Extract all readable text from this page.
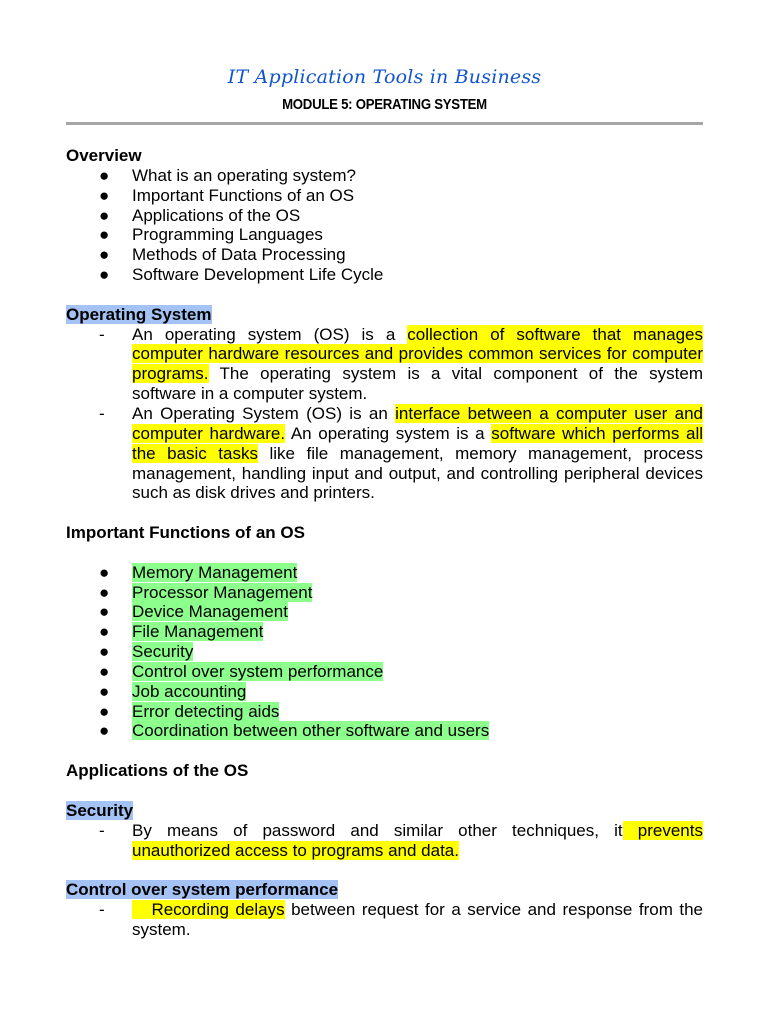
IT Application Tools in Business
MODULE 5: OPERATING SYSTEM

Overview

● What is an operating system?
● Important Functions of an OS
● Applications of the OS
● Programming Languages
● Methods of Data Processing
● Software Development Life Cycle

Operating System

- An operating system (OS) is a collection of software that manages computer hardware resources and provides common services for computer programs. The operating system is a vital component of the system software in a computer system.
- An Operating System (OS) is an interface between a computer user and computer hardware. An operating system is a software which performs all the basic tasks like file management, memory management, process management, handling input and output, and controlling peripheral devices such as disk drives and printers.

Important Functions of an OS

● Memory Management
● Processor Management
● Device Management
● File Management
● Security
● Control over system performance
● Job accounting
● Error detecting aids
● Coordination between other software and users

Applications of the OS

Security

- By means of password and similar other techniques, it prevents unauthorized access to programs and data.

Control over system performance

- Recording delays between request for a service and response from the system.
